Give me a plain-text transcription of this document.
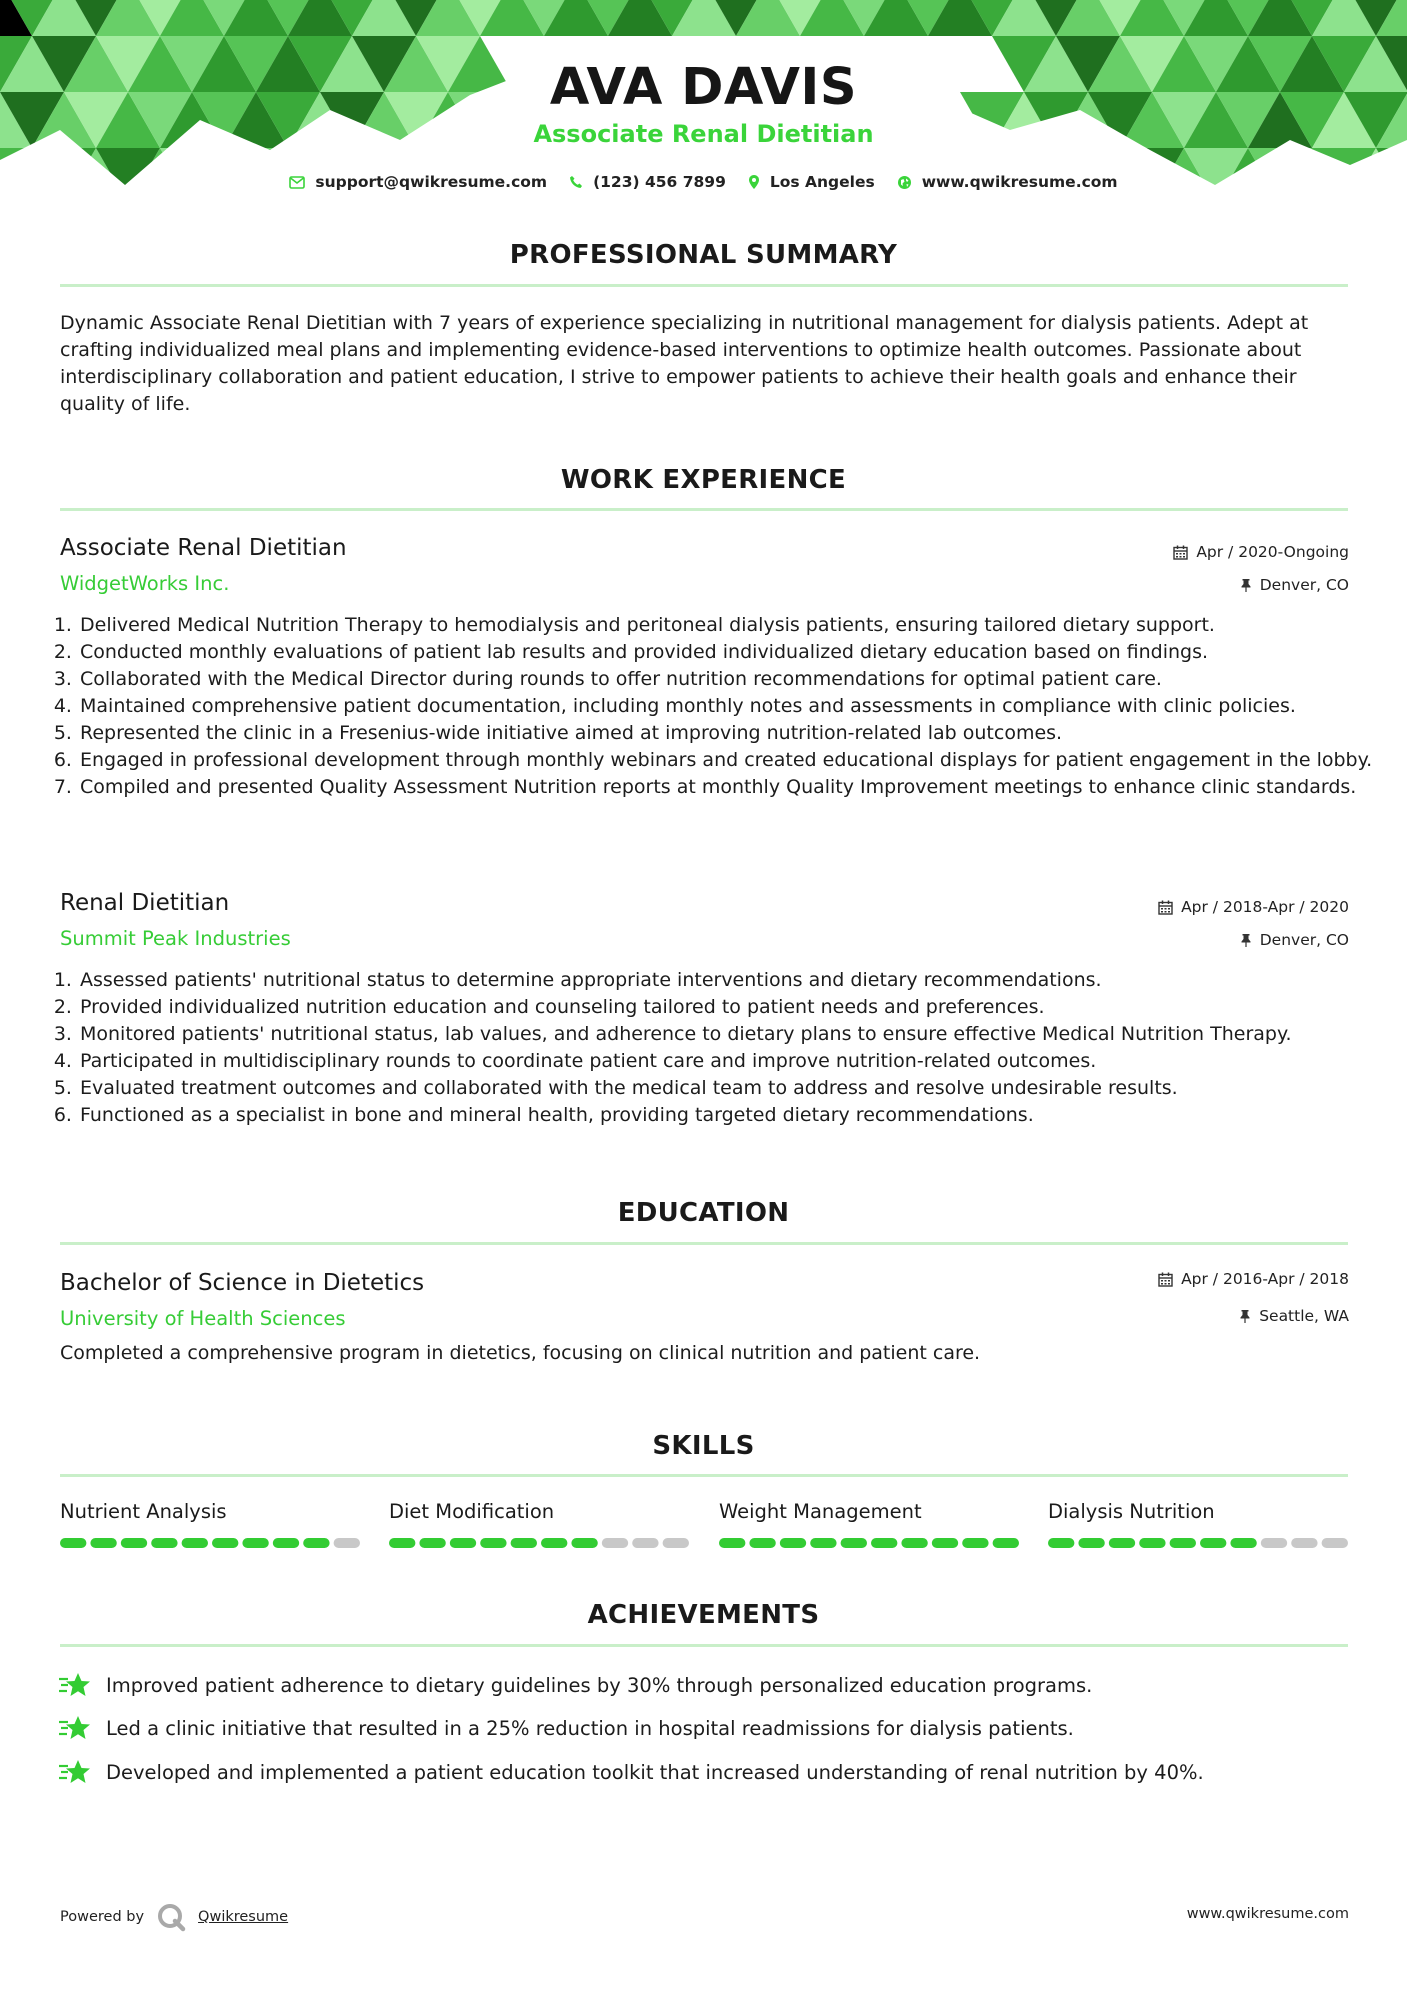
AVA DAVIS
Associate Renal Dietitian
support@qwikresume.com	(123) 456 7899	Los Angeles	www.qwikresume.com
PROFESSIONAL SUMMARY
Dynamic Associate Renal Dietitian with 7 years of experience specializing in nutritional management for dialysis patients. Adept at crafting individualized meal plans and implementing evidence-based interventions to optimize health outcomes. Passionate about interdisciplinary collaboration and patient education, I strive to empower patients to achieve their health goals and enhance their quality of life.
WORK EXPERIENCE
Associate Renal Dietitian
WidgetWorks Inc.
Apr / 2020-Ongoing
Denver, CO
1. Delivered Medical Nutrition Therapy to hemodialysis and peritoneal dialysis patients, ensuring tailored dietary support.
2. Conducted monthly evaluations of patient lab results and provided individualized dietary education based on findings.
3. Collaborated with the Medical Director during rounds to offer nutrition recommendations for optimal patient care.
4. Maintained comprehensive patient documentation, including monthly notes and assessments in compliance with clinic policies.
5. Represented the clinic in a Fresenius-wide initiative aimed at improving nutrition-related lab outcomes.
6. Engaged in professional development through monthly webinars and created educational displays for patient engagement in the lobby.
7. Compiled and presented Quality Assessment Nutrition reports at monthly Quality Improvement meetings to enhance clinic standards.
Renal Dietitian
Summit Peak Industries
Apr / 2018-Apr / 2020
Denver, CO
1. Assessed patients' nutritional status to determine appropriate interventions and dietary recommendations.
2. Provided individualized nutrition education and counseling tailored to patient needs and preferences.
3. Monitored patients' nutritional status, lab values, and adherence to dietary plans to ensure effective Medical Nutrition Therapy.
4. Participated in multidisciplinary rounds to coordinate patient care and improve nutrition-related outcomes.
5. Evaluated treatment outcomes and collaborated with the medical team to address and resolve undesirable results.
6. Functioned as a specialist in bone and mineral health, providing targeted dietary recommendations.
EDUCATION
Bachelor of Science in Dietetics
University of Health Sciences
Apr / 2016-Apr / 2018
Seattle, WA
Completed a comprehensive program in dietetics, focusing on clinical nutrition and patient care.
SKILLS
Nutrient Analysis	Diet Modification	Weight Management	Dialysis Nutrition
ACHIEVEMENTS
Improved patient adherence to dietary guidelines by 30% through personalized education programs.
Led a clinic initiative that resulted in a 25% reduction in hospital readmissions for dialysis patients.
Developed and implemented a patient education toolkit that increased understanding of renal nutrition by 40%.
Powered by	Qwikresume	www.qwikresume.com
